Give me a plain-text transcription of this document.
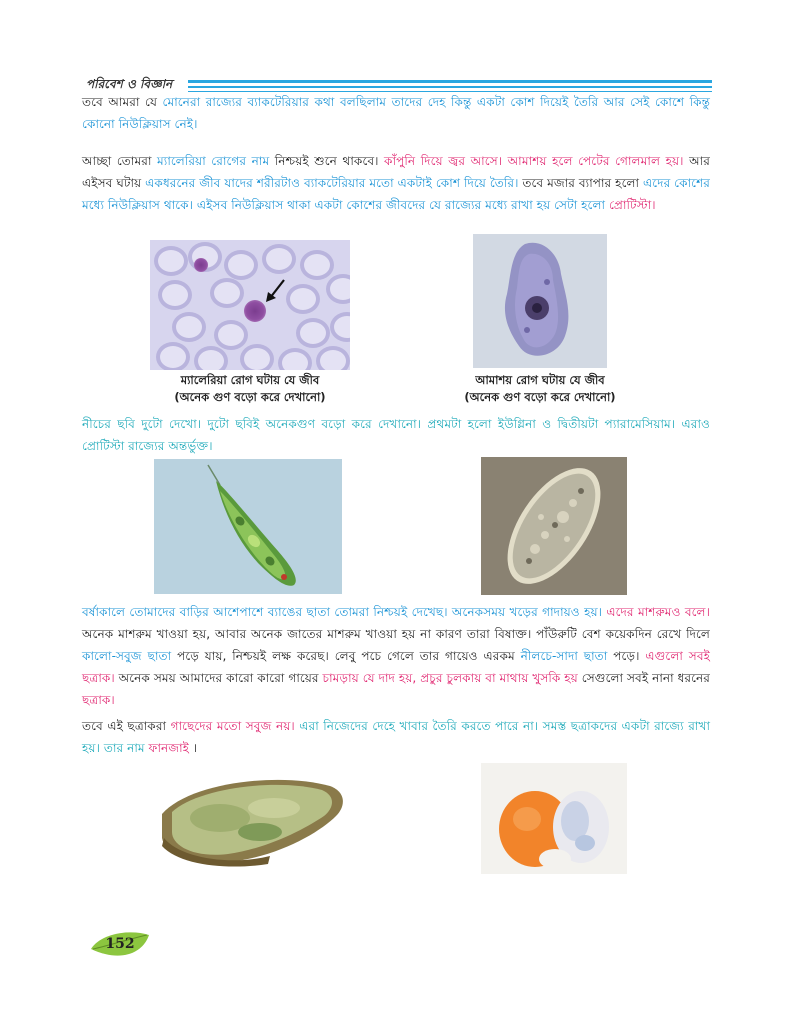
পরিবেশ ও বিজ্ঞান

তবে আমরা যে মোনেরা রাজ্যের ব্যাকটেরিয়ার কথা বলছিলাম তাদের দেহ কিন্তু একটা কোশ দিয়েই তৈরি আর সেই কোশে কিন্তু কোনো নিউক্লিয়াস নেই।

আচ্ছা তোমরা ম্যালেরিয়া রোগের নাম নিশ্চয়ই শুনে থাকবে। কাঁপুনি দিয়ে জ্বর আসে। আমাশয় হলে পেটের গোলমাল হয়। আর এইসব ঘটায় একধরনের জীব যাদের শরীরটাও ব্যাকটেরিয়ার মতো একটাই কোশ দিয়ে তৈরি। তবে মজার ব্যাপার হলো এদের কোশের মধ্যে নিউক্লিয়াস থাকে। এইসব নিউক্লিয়াস থাকা একটা কোশের জীবদের যে রাজ্যের মধ্যে রাখা হয় সেটা হলো প্রোটিস্টা।

ম্যালেরিয়া রোগ ঘটায় যে জীব
(অনেক গুণ বড়ো করে দেখানো)
আমাশয় রোগ ঘটায় যে জীব
(অনেক গুণ বড়ো করে দেখানো)

নীচের ছবি দুটো দেখো। দুটো ছবিই অনেকগুণ বড়ো করে দেখানো। প্রথমটা হলো ইউগ্লিনা ও দ্বিতীয়টা প্যারামেসিয়াম। এরাও প্রোটিস্টা রাজ্যের অন্তর্ভুক্ত।

বর্ষাকালে তোমাদের বাড়ির আশেপাশে ব্যাঙের ছাতা তোমরা নিশ্চয়ই দেখেছ। অনেকসময় খড়ের গাদায়ও হয়। এদের মাশরুমও বলে। অনেক মাশরুম খাওয়া হয়, আবার অনেক জাতের মাশরুম খাওয়া হয় না কারণ তারা বিষাক্ত। পাঁউরুটি বেশ কয়েকদিন রেখে দিলে কালো-সবুজ ছাতা পড়ে যায়, নিশ্চয়ই লক্ষ করেছ। লেবু পচে গেলে তার গায়েও এরকম নীলচে-সাদা ছাতা পড়ে। এগুলো সবই ছত্রাক। অনেক সময় আমাদের কারো কারো গায়ের চামড়ায় যে দাদ হয়, প্রচুর চুলকায় বা মাথায় খুসকি হয় সেগুলো সবই নানা ধরনের ছত্রাক।

তবে এই ছত্রাকরা গাছেদের মতো সবুজ নয়। এরা নিজেদের দেহে খাবার তৈরি করতে পারে না। সমস্ত ছত্রাকদের একটা রাজ্যে রাখা হয়। তার নাম ফানজাই ।

152
